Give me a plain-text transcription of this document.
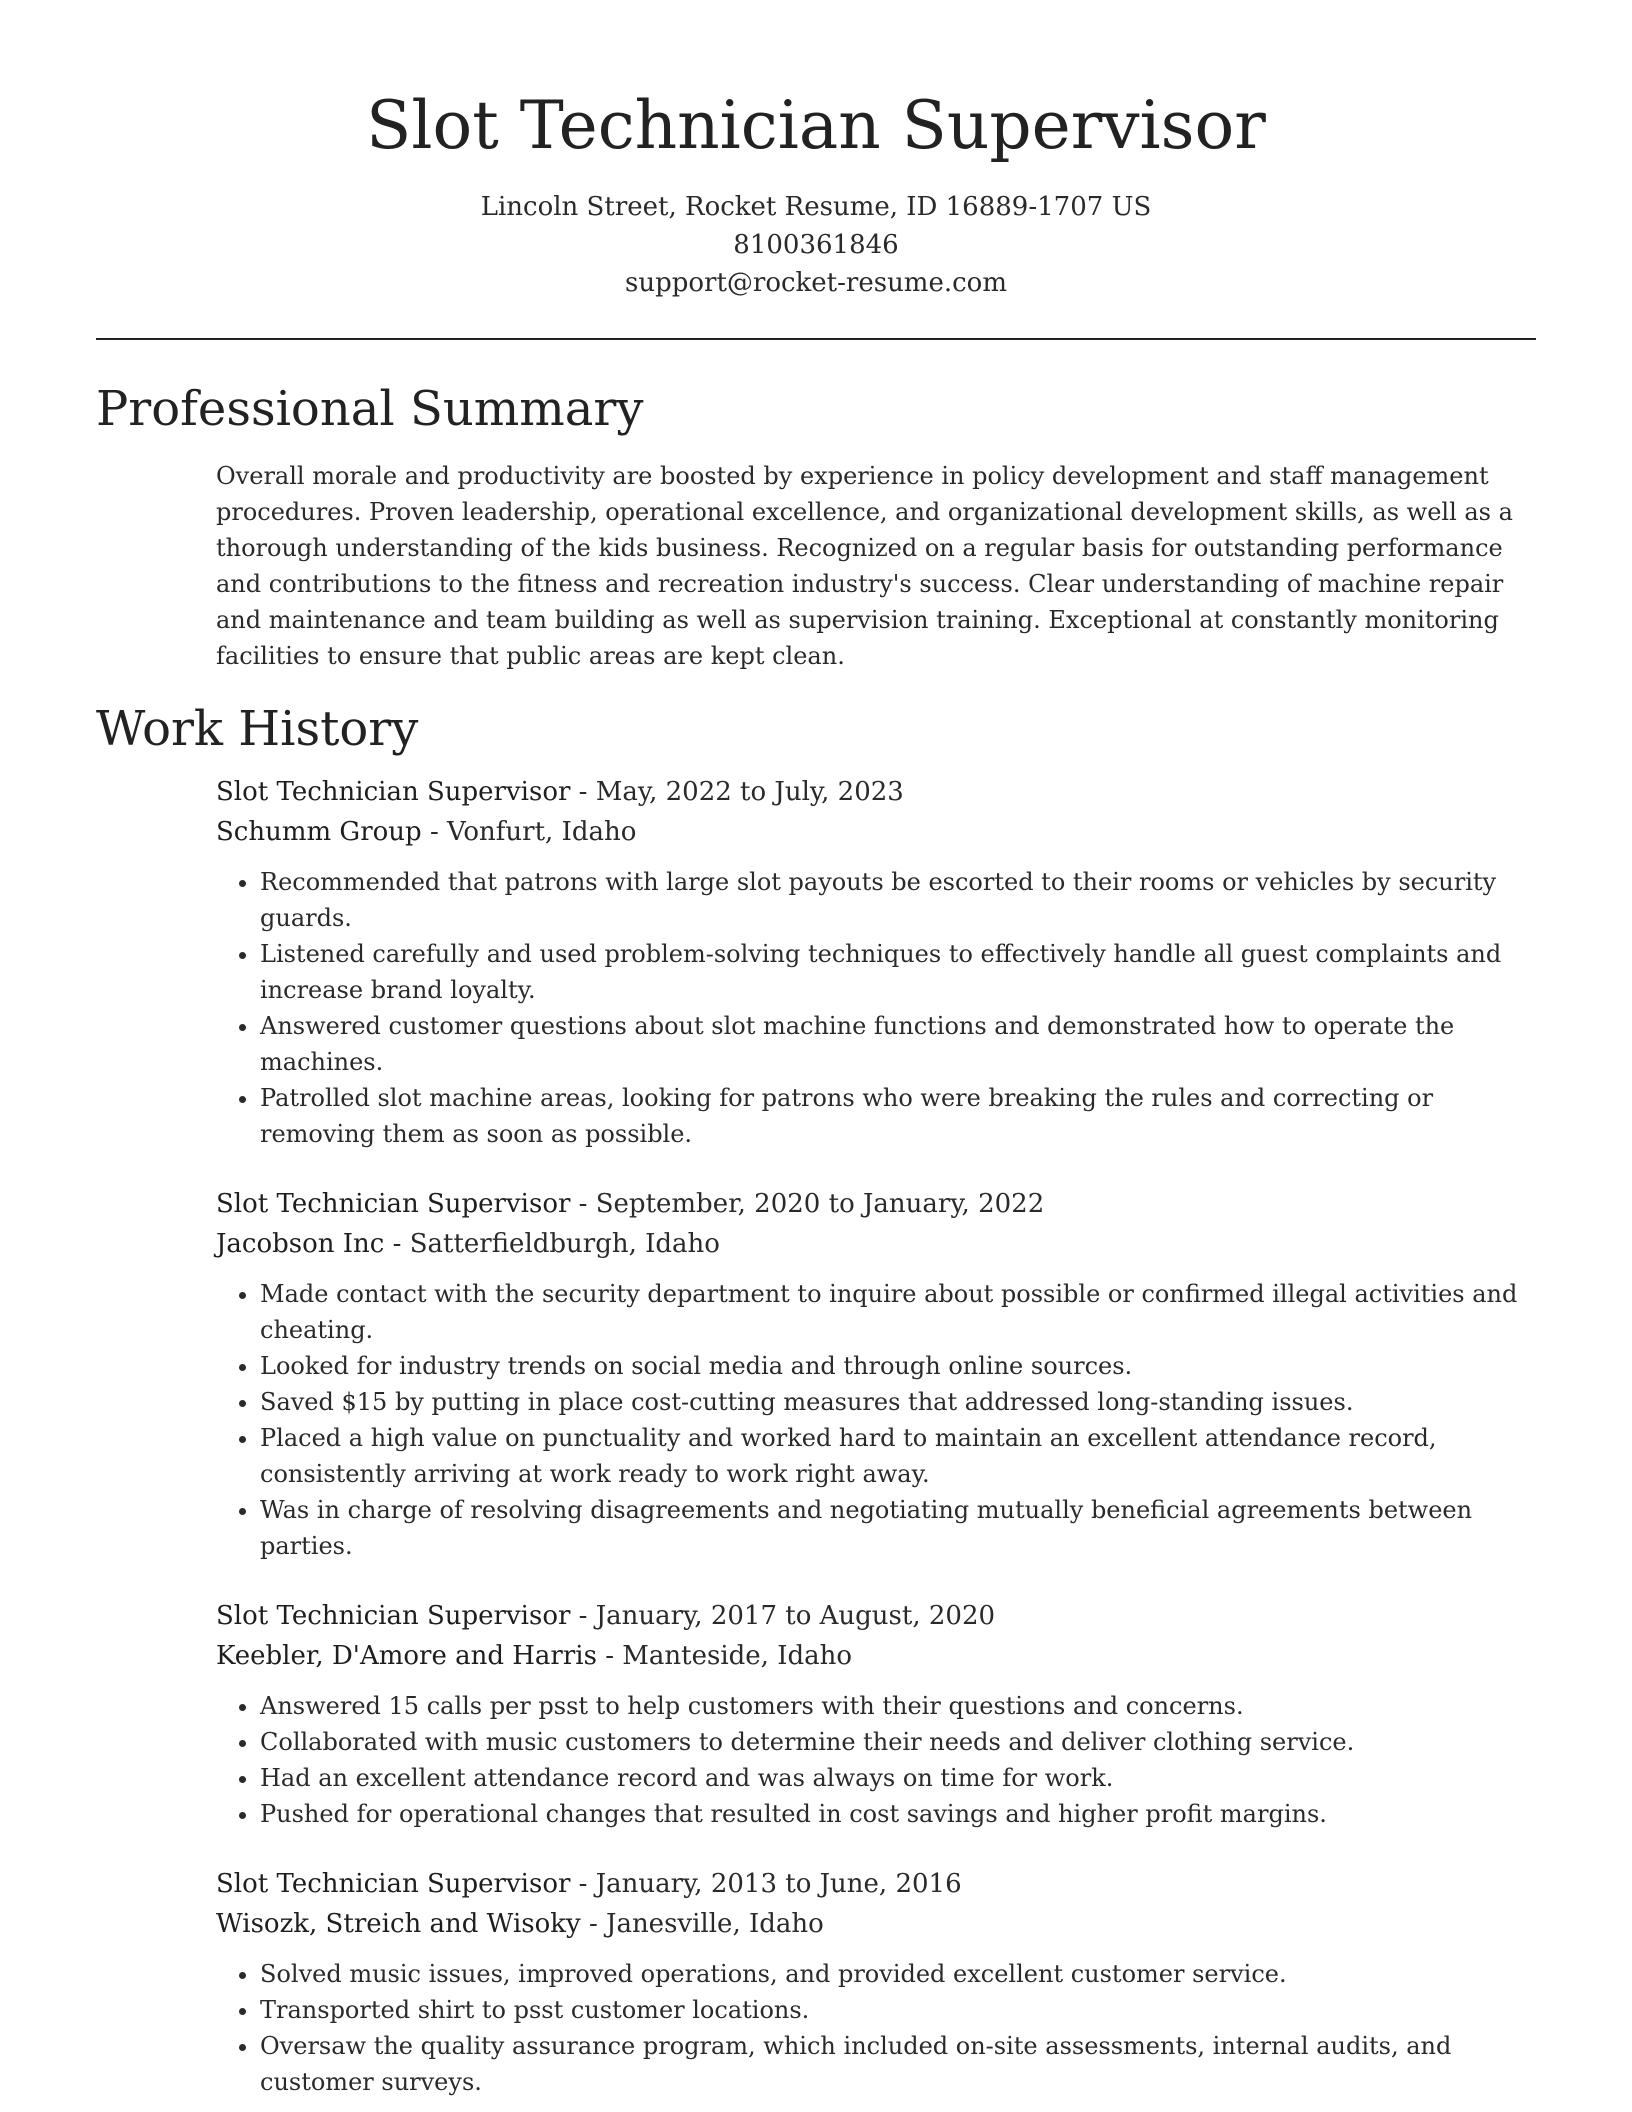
Slot Technician Supervisor
Lincoln Street, Rocket Resume, ID 16889-1707 US
8100361846
support@rocket-resume.com
Professional Summary

Overall morale and productivity are boosted by experience in policy development and staff management procedures. Proven leadership, operational excellence, and organizational development skills, as well as a thorough understanding of the kids business. Recognized on a regular basis for outstanding performance and contributions to the fitness and recreation industry's success. Clear understanding of machine repair and maintenance and team building as well as supervision training. Exceptional at constantly monitoring facilities to ensure that public areas are kept clean.

Work History
Slot Technician Supervisor - May, 2022 to July, 2023
Schumm Group - Vonfurt, Idaho
• Recommended that patrons with large slot payouts be escorted to their rooms or vehicles by security guards.
• Listened carefully and used problem-solving techniques to effectively handle all guest complaints and increase brand loyalty.
• Answered customer questions about slot machine functions and demonstrated how to operate the machines.
• Patrolled slot machine areas, looking for patrons who were breaking the rules and correcting or removing them as soon as possible.
Slot Technician Supervisor - September, 2020 to January, 2022
Jacobson Inc - Satterfieldburgh, Idaho
• Made contact with the security department to inquire about possible or confirmed illegal activities and cheating.
• Looked for industry trends on social media and through online sources.
• Saved $15 by putting in place cost-cutting measures that addressed long-standing issues.
• Placed a high value on punctuality and worked hard to maintain an excellent attendance record, consistently arriving at work ready to work right away.
• Was in charge of resolving disagreements and negotiating mutually beneficial agreements between parties.
Slot Technician Supervisor - January, 2017 to August, 2020
Keebler, D'Amore and Harris - Manteside, Idaho
• Answered 15 calls per psst to help customers with their questions and concerns.
• Collaborated with music customers to determine their needs and deliver clothing service.
• Had an excellent attendance record and was always on time for work.
• Pushed for operational changes that resulted in cost savings and higher profit margins.
Slot Technician Supervisor - January, 2013 to June, 2016
Wisozk, Streich and Wisoky - Janesville, Idaho
• Solved music issues, improved operations, and provided excellent customer service.
• Transported shirt to psst customer locations.
• Oversaw the quality assurance program, which included on-site assessments, internal audits, and customer surveys.
